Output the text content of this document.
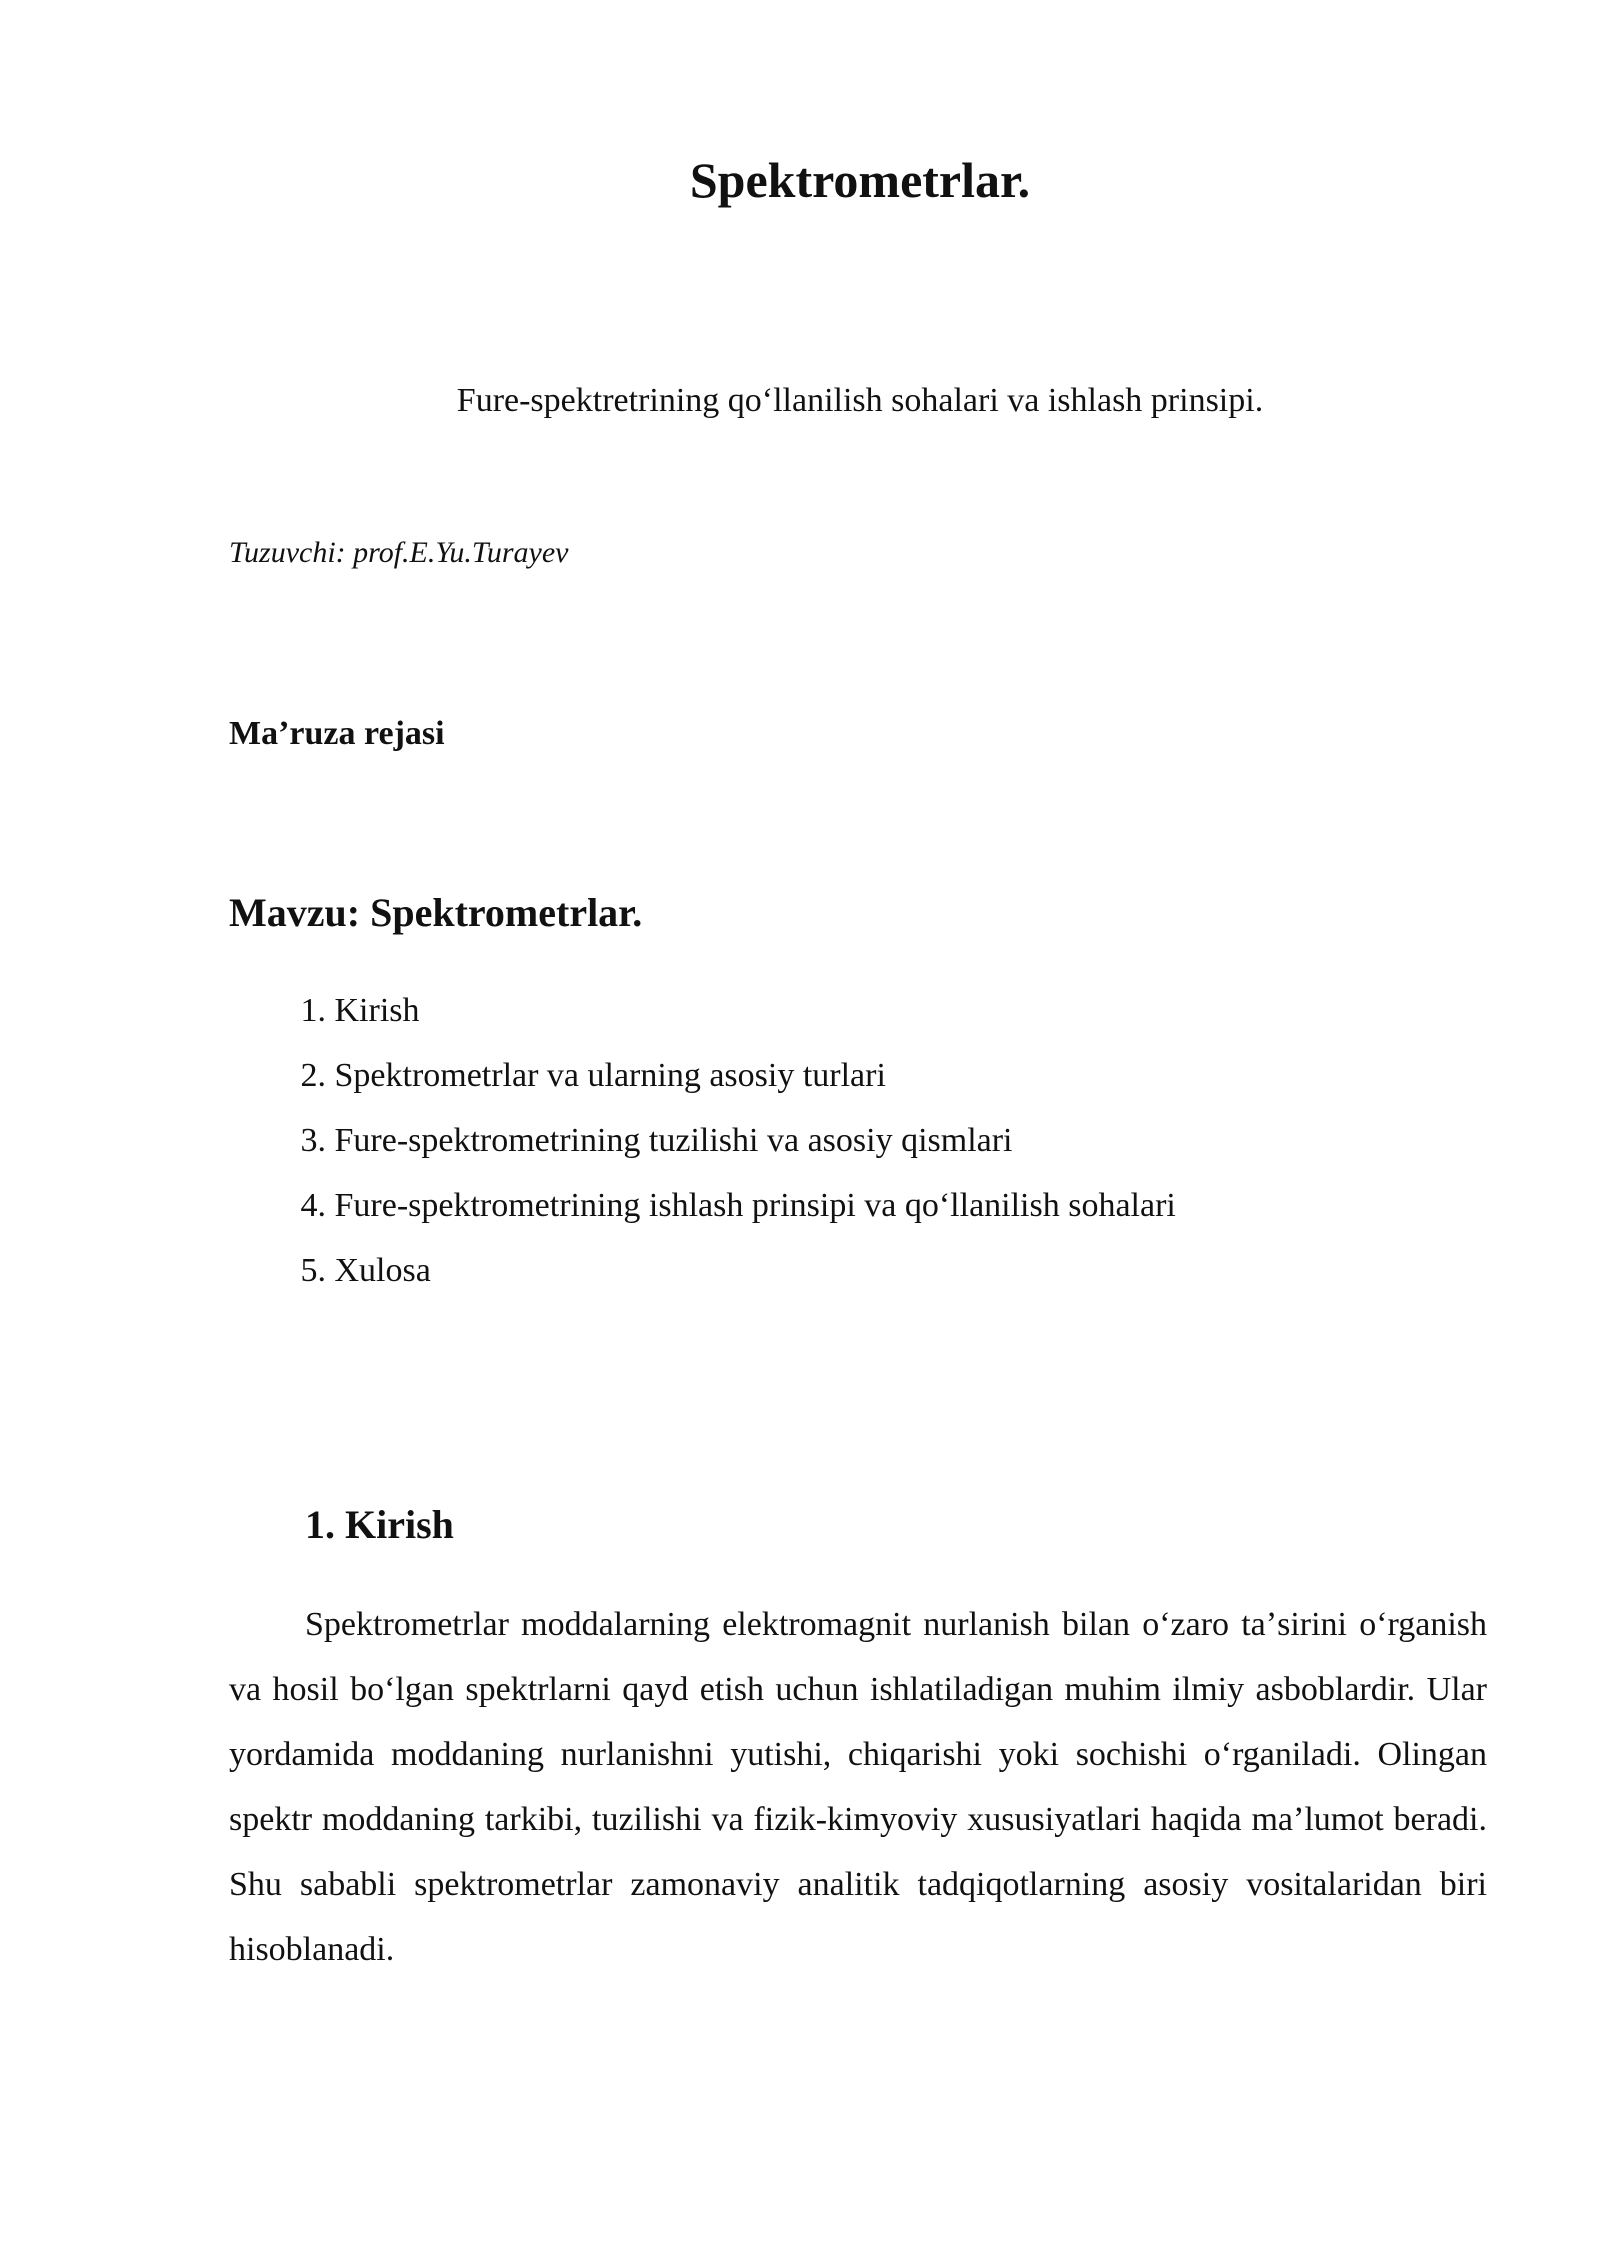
Spektrometrlar.

Fure-spektretrining qoʻllanilish sohalari va ishlash prinsipi.

Tuzuvchi: prof.E.Yu.Turayev

Maʼruza rejasi

Mavzu: Spektrometrlar.
1. Kirish
2. Spektrometrlar va ularning asosiy turlari
3. Fure-spektrometrining tuzilishi va asosiy qismlari
4. Fure-spektrometrining ishlash prinsipi va qoʻllanilish sohalari
5. Xulosa
1. Kirish

Spektrometrlar moddalarning elektromagnit nurlanish bilan oʻzaro taʼsirini oʻrganish va hosil boʻlgan spektrlarni qayd etish uchun ishlatiladigan muhim ilmiy asboblardir. Ular yordamida moddaning nurlanishni yutishi, chiqarishi yoki sochishi oʻrganiladi. Olingan spektr moddaning tarkibi, tuzilishi va fizik-kimyoviy xususiyatlari haqida maʼlumot beradi. Shu sababli spektrometrlar zamonaviy analitik tadqiqotlarning asosiy vositalaridan biri hisoblanadi.
